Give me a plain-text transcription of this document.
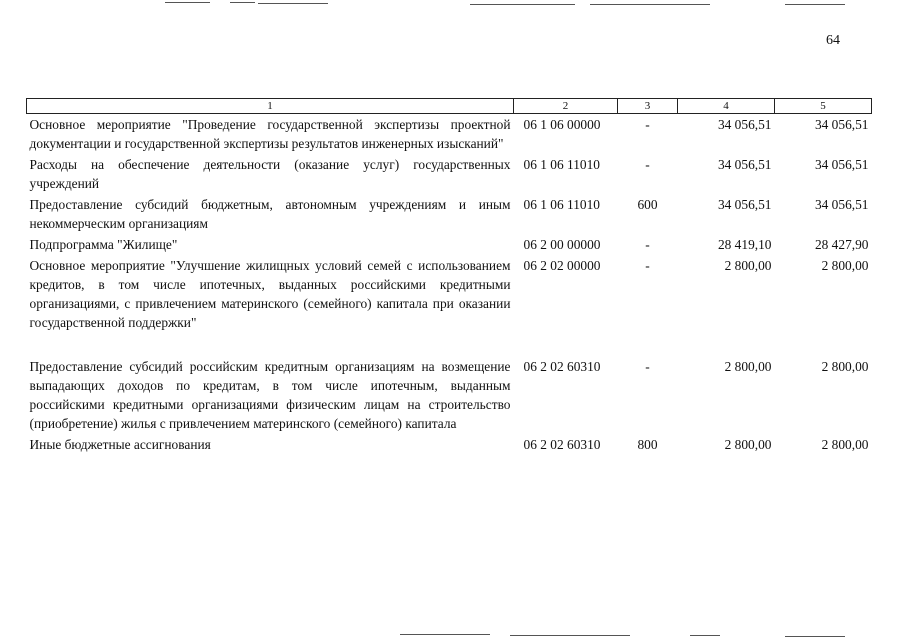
64
1	2	3	4	5
Основное мероприятие "Проведение государственной экспертизы проектной документации и государственной экспертизы результатов инженерных изысканий"	06 1 06 00000	-	34 056,51	34 056,51
Расходы на обеспечение деятельности (оказание услуг) государственных учреждений	06 1 06 11010	-	34 056,51	34 056,51
Предоставление субсидий бюджетным, автономным учреждениям и иным некоммерческим организациям	06 1 06 11010	600	34 056,51	34 056,51
Подпрограмма "Жилище"	06 2 00 00000	-	28 419,10	28 427,90
Основное мероприятие "Улучшение жилищных условий семей с использованием кредитов, в том числе ипотечных, выданных российскими кредитными организациями, с привлечением материнского (семейного) капитала при оказании государственной поддержки"	06 2 02 00000	-	2 800,00	2 800,00
Предоставление субсидий российским кредитным организациям на возмещение выпадающих доходов по кредитам, в том числе ипотечным, выданным российскими кредитными организациями физическим лицам на строительство (приобретение) жилья с привлечением материнского (семейного) капитала	06 2 02 60310	-	2 800,00	2 800,00
Иные бюджетные ассигнования	06 2 02 60310	800	2 800,00	2 800,00
